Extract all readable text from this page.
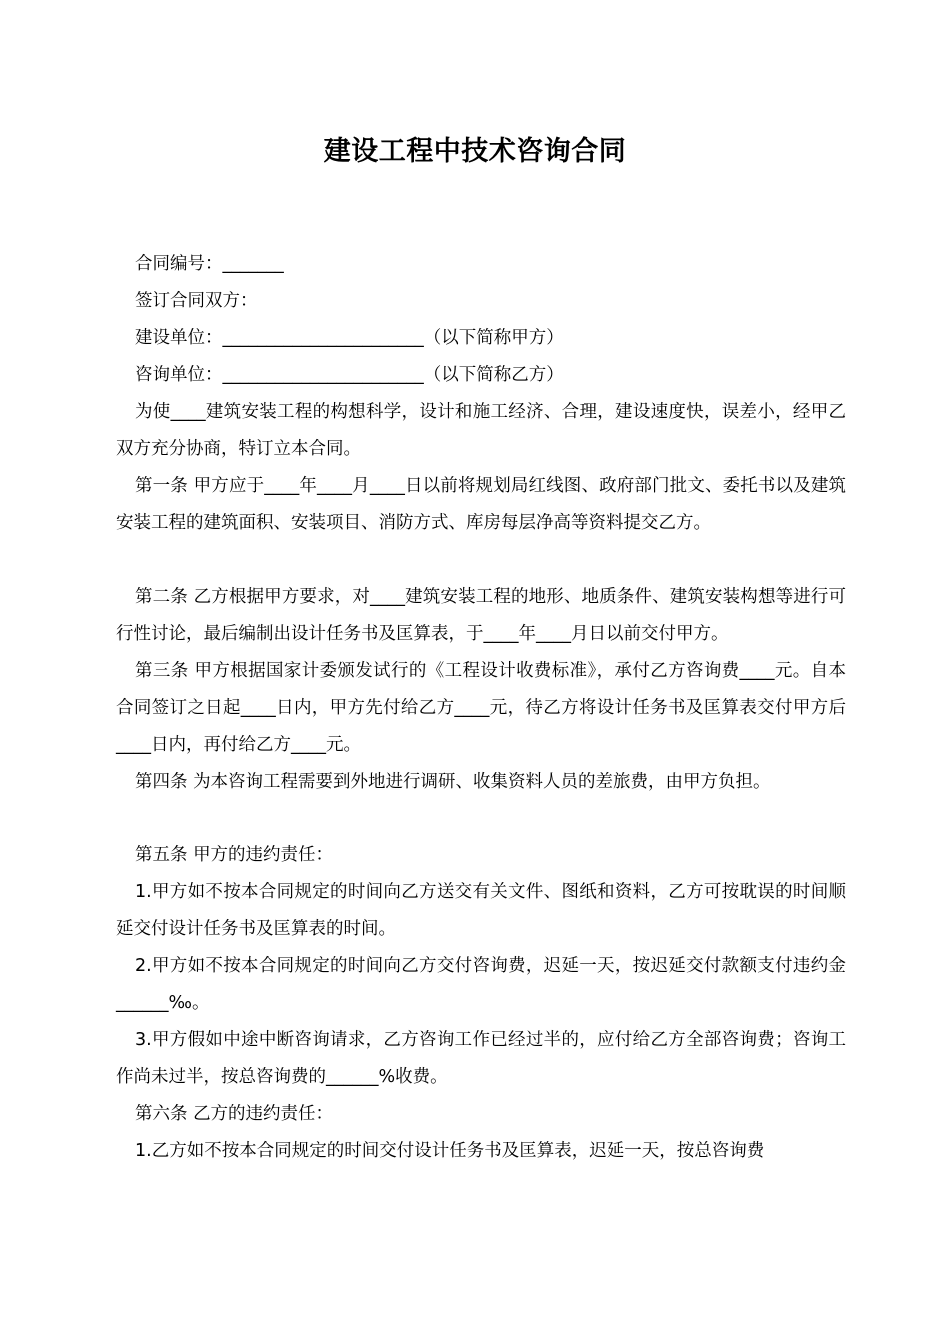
建设工程中技术咨询合同

合同编号：_______

签订合同双方：

建设单位：_______________________（以下简称甲方）

咨询单位：_______________________（以下简称乙方）

为使____建筑安装工程的构想科学，设计和施工经济、合理，建设速度快，误差小，经甲乙双方充分协商，特订立本合同。

第一条 甲方应于____年____月____日以前将规划局红线图、政府部门批文、委托书以及建筑安装工程的建筑面积、安装项目、消防方式、库房每层净高等资料提交乙方。

第二条 乙方根据甲方要求，对____建筑安装工程的地形、地质条件、建筑安装构想等进行可行性讨论，最后编制出设计任务书及匡算表，于____年____月日以前交付甲方。

第三条 甲方根据国家计委颁发试行的《工程设计收费标准》，承付乙方咨询费____元。自本合同签订之日起____日内，甲方先付给乙方____元，待乙方将设计任务书及匡算表交付甲方后____日内，再付给乙方____元。

第四条 为本咨询工程需要到外地进行调研、收集资料人员的差旅费，由甲方负担。

第五条 甲方的违约责任：

1.甲方如不按本合同规定的时间向乙方送交有关文件、图纸和资料，乙方可按耽误的时间顺延交付设计任务书及匡算表的时间。

2.甲方如不按本合同规定的时间向乙方交付咨询费，迟延一天，按迟延交付款额支付违约金______‰。

3.甲方假如中途中断咨询请求，乙方咨询工作已经过半的，应付给乙方全部咨询费；咨询工作尚未过半，按总咨询费的______%收费。

第六条 乙方的违约责任：

1.乙方如不按本合同规定的时间交付设计任务书及匡算表，迟延一天，按总咨询费
